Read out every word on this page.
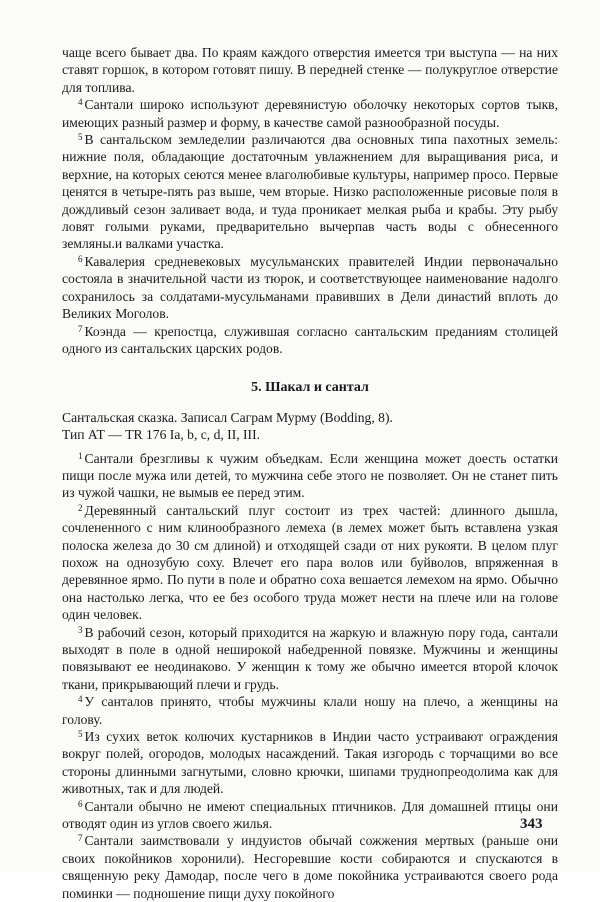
чаще всего бывает два. По краям каждого отверстия имеется три выступа — на них ставят горшок, в котором готовят пишу. В передней стенке — полукруглое отверстие для топлива.

$^4$ Сантали широко используют деревянистую оболочку некоторых сортов тыкв, имеющих разный размер и форму, в качестве самой разнообразной посуды.

$^5$ В сантальском земледелии различаются два основных типа пахотных земель: нижние поля, обладающие достаточным увлажнением для выращивания риса, и верхние, на которых сеются менее влаголюбивые культуры, например просо. Первые ценятся в четыре-пять раз выше, чем вторые. Низко расположенные рисовые поля в дождливый сезон заливает вода, и туда проникает мелкая рыба и крабы. Эту рыбу ловят голыми руками, предварительно вычерпав часть воды с обнесенного земляны.и валками участка.

$^6$ Кавалерия средневековых мусульманских правителей Индии первоначально состояла в значительной части из тюрок, и соответствующее наименование надолго сохранилось за солдатами-мусульманами правивших в Дели династий вплоть до Великих Моголов.

$^7$ Коэнда — крепостца, служившая согласно сантальским преданиям столицей одного из сантальских царских родов.

5. Шакал и сантал

Сантальская сказка. Записал Саграм Мурму (Bodding, 8).
Тип АТ — TR 176 Ia, b, c, d, II, III.

$^1$ Сантали брезгливы к чужим объедкам. Если женщина может доесть остатки пищи после мужа или детей, то мужчина себе этого не позволяет. Он не станет пить из чужой чашки, не вымыв ее перед этим.

$^2$ Деревянный сантальский плуг состоит из трех частей: длинного дышла, сочлененного с ним клинообразного лемеха (в лемех может быть вставлена узкая полоска железа до 30 см длиной) и отходящей сзади от них рукояти. В целом плуг похож на однозубую соху. Влечет его пара волов или буйволов, впряженная в деревянное ярмо. По пути в поле и обратно соха вешается лемехом на ярмо. Обычно она настолько легка, что ее без особого труда может нести на плече или на голове один человек.

$^3$ В рабочий сезон, который приходится на жаркую и влажную пору года, сантали выходят в поле в одной неширокой набедренной повязке. Мужчины и женщины повязывают ее неодинаково. У женщин к тому же обычно имеется второй клочок ткани, прикрывающий плечи и грудь.

$^4$ У санталов принято, чтобы мужчины клали ношу на плечо, а женщины на голову.

$^5$ Из сухих веток колючих кустарников в Индии часто устраивают ограждения вокруг полей, огородов, молодых насаждений. Такая изгородь с торчащими во все стороны длинными загнутыми, словно крючки, шипами труднопреодолима как для животных, так и для людей.

$^6$ Сантали обычно не имеют специальных птичников. Для домашней птицы они отводят один из углов своего жилья.

$^7$ Сантали заимствовали у индуистов обычай сожжения мертвых (раньше они своих покойников хоронили). Несгоревшие кости собираются и спускаются в священную реку Дамодар, после чего в доме покойника устраиваются своего рода поминки — подношение пищи духу покойного

343
